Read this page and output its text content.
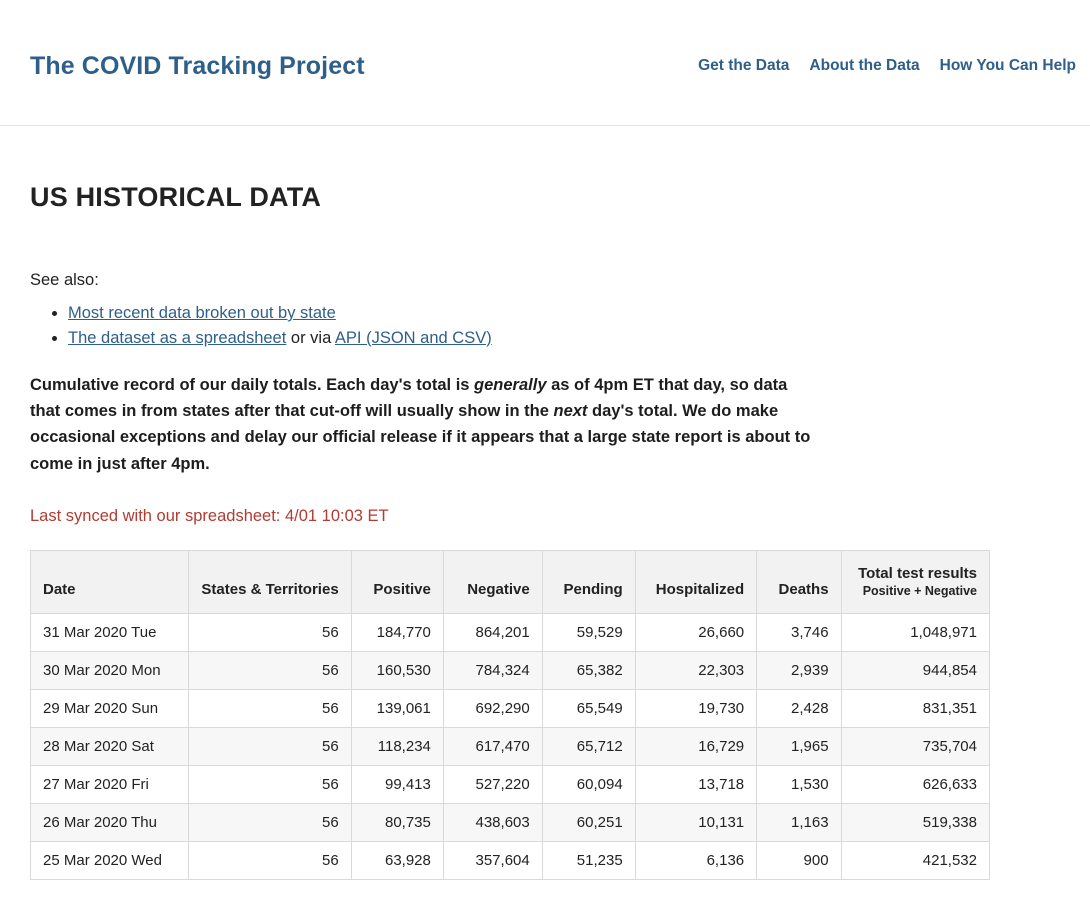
The COVID Tracking Project	Get the Data About the Data How You Can Help
US HISTORICAL DATA

See also:

• Most recent data broken out by state
• The dataset as a spreadsheet or via API (JSON and CSV)

Cumulative record of our daily totals. Each day's total is generally as of 4pm ET that day, so data that comes in from states after that cut-off will usually show in the next day's total. We do make occasional exceptions and delay our official release if it appears that a large state report is about to come in just after 4pm.

Last synced with our spreadsheet: 4/01 10:03 ET

Date	States & Territories	Positive	Negative	Pending	Hospitalized	Deaths	Total test results
Positive + Negative

31 Mar 2020 Tue	56	184,770	864,201	59,529	26,660	3,746	1,048,971
30 Mar 2020 Mon	56	160,530	784,324	65,382	22,303	2,939	944,854
29 Mar 2020 Sun	56	139,061	692,290	65,549	19,730	2,428	831,351
28 Mar 2020 Sat	56	118,234	617,470	65,712	16,729	1,965	735,704
27 Mar 2020 Fri	56	99,413	527,220	60,094	13,718	1,530	626,633
26 Mar 2020 Thu	56	80,735	438,603	60,251	10,131	1,163	519,338
25 Mar 2020 Wed	56	63,928	357,604	51,235	6,136	900	421,532
